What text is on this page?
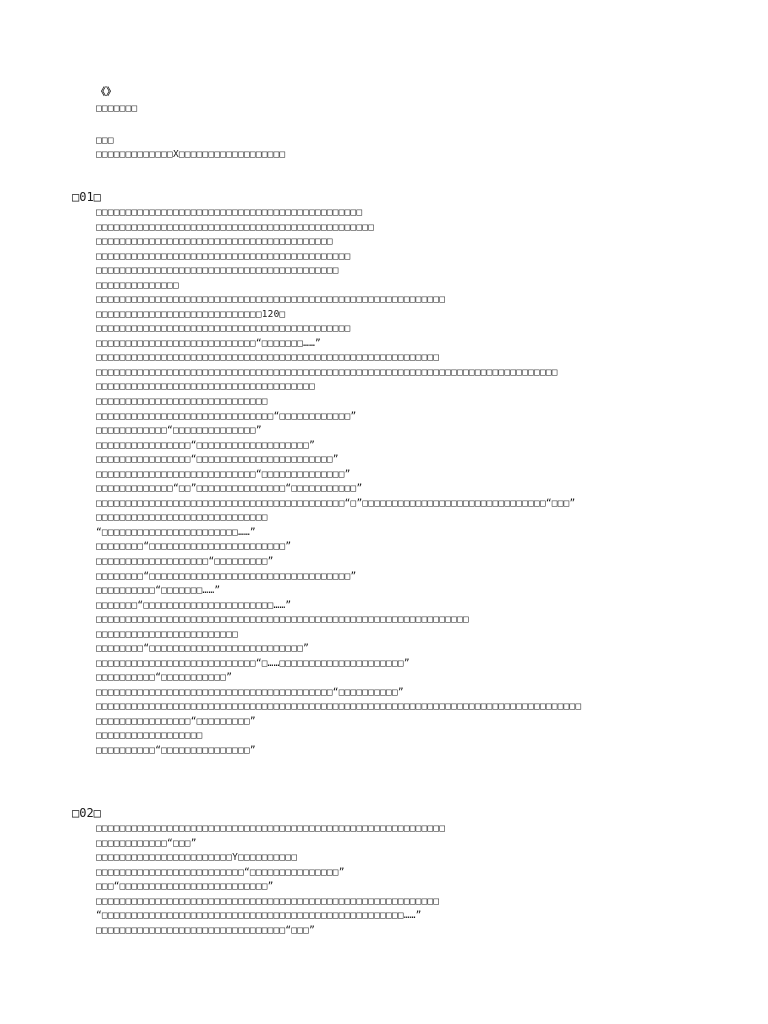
《》
□□□□□□□
□□□
□□□□□□□□□□□□□X□□□□□□□□□□□□□□□□□□
□01□
□□□□□□□□□□□□□□□□□□□□□□□□□□□□□□□□□□□□□□□□□□□□□
□□□□□□□□□□□□□□□□□□□□□□□□□□□□□□□□□□□□□□□□□□□□□□□
□□□□□□□□□□□□□□□□□□□□□□□□□□□□□□□□□□□□□□□□
□□□□□□□□□□□□□□□□□□□□□□□□□□□□□□□□□□□□□□□□□□□
□□□□□□□□□□□□□□□□□□□□□□□□□□□□□□□□□□□□□□□□□
□□□□□□□□□□□□□□
□□□□□□□□□□□□□□□□□□□□□□□□□□□□□□□□□□□□□□□□□□□□□□□□□□□□□□□□□□□
□□□□□□□□□□□□□□□□□□□□□□□□□□□□120□
□□□□□□□□□□□□□□□□□□□□□□□□□□□□□□□□□□□□□□□□□□□
□□□□□□□□□□□□□□□□□□□□□□□□□□□“□□□□□□□……”
□□□□□□□□□□□□□□□□□□□□□□□□□□□□□□□□□□□□□□□□□□□□□□□□□□□□□□□□□□
□□□□□□□□□□□□□□□□□□□□□□□□□□□□□□□□□□□□□□□□□□□□□□□□□□□□□□□□□□□□□□□□□□□□□□□□□□□□□□
□□□□□□□□□□□□□□□□□□□□□□□□□□□□□□□□□□□□□
□□□□□□□□□□□□□□□□□□□□□□□□□□□□□
□□□□□□□□□□□□□□□□□□□□□□□□□□□□□□“□□□□□□□□□□□□”
□□□□□□□□□□□□“□□□□□□□□□□□□□□”
□□□□□□□□□□□□□□□□“□□□□□□□□□□□□□□□□□□□”
□□□□□□□□□□□□□□□□“□□□□□□□□□□□□□□□□□□□□□□□”
□□□□□□□□□□□□□□□□□□□□□□□□□□□“□□□□□□□□□□□□□□”
□□□□□□□□□□□□□“□□”□□□□□□□□□□□□□□□“□□□□□□□□□□□”
□□□□□□□□□□□□□□□□□□□□□□□□□□□□□□□□□□□□□□□□□□“□”□□□□□□□□□□□□□□□□□□□□□□□□□□□□□□□“□□□”
□□□□□□□□□□□□□□□□□□□□□□□□□□□□□
“□□□□□□□□□□□□□□□□□□□□□□□……”
□□□□□□□□“□□□□□□□□□□□□□□□□□□□□□□□”
□□□□□□□□□□□□□□□□□□□“□□□□□□□□□”
□□□□□□□□“□□□□□□□□□□□□□□□□□□□□□□□□□□□□□□□□□□”
□□□□□□□□□□“□□□□□□□……”
□□□□□□□“□□□□□□□□□□□□□□□□□□□□□□……”
□□□□□□□□□□□□□□□□□□□□□□□□□□□□□□□□□□□□□□□□□□□□□□□□□□□□□□□□□□□□□□□
□□□□□□□□□□□□□□□□□□□□□□□□
□□□□□□□□“□□□□□□□□□□□□□□□□□□□□□□□□□□”
□□□□□□□□□□□□□□□□□□□□□□□□□□□“□……□□□□□□□□□□□□□□□□□□□□□”
□□□□□□□□□□“□□□□□□□□□□□”
□□□□□□□□□□□□□□□□□□□□□□□□□□□□□□□□□□□□□□□□“□□□□□□□□□□”
□□□□□□□□□□□□□□□□□□□□□□□□□□□□□□□□□□□□□□□□□□□□□□□□□□□□□□□□□□□□□□□□□□□□□□□□□□□□□□□□□□
□□□□□□□□□□□□□□□□“□□□□□□□□□”
□□□□□□□□□□□□□□□□□□
□□□□□□□□□□“□□□□□□□□□□□□□□□”
□02□
□□□□□□□□□□□□□□□□□□□□□□□□□□□□□□□□□□□□□□□□□□□□□□□□□□□□□□□□□□□
□□□□□□□□□□□□“□□□”
□□□□□□□□□□□□□□□□□□□□□□□Y□□□□□□□□□□
□□□□□□□□□□□□□□□□□□□□□□□□□“□□□□□□□□□□□□□□□”
□□□“□□□□□□□□□□□□□□□□□□□□□□□□□”
□□□□□□□□□□□□□□□□□□□□□□□□□□□□□□□□□□□□□□□□□□□□□□□□□□□□□□□□□□
“□□□□□□□□□□□□□□□□□□□□□□□□□□□□□□□□□□□□□□□□□□□□□□□□□□□……”
□□□□□□□□□□□□□□□□□□□□□□□□□□□□□□□□“□□□”
